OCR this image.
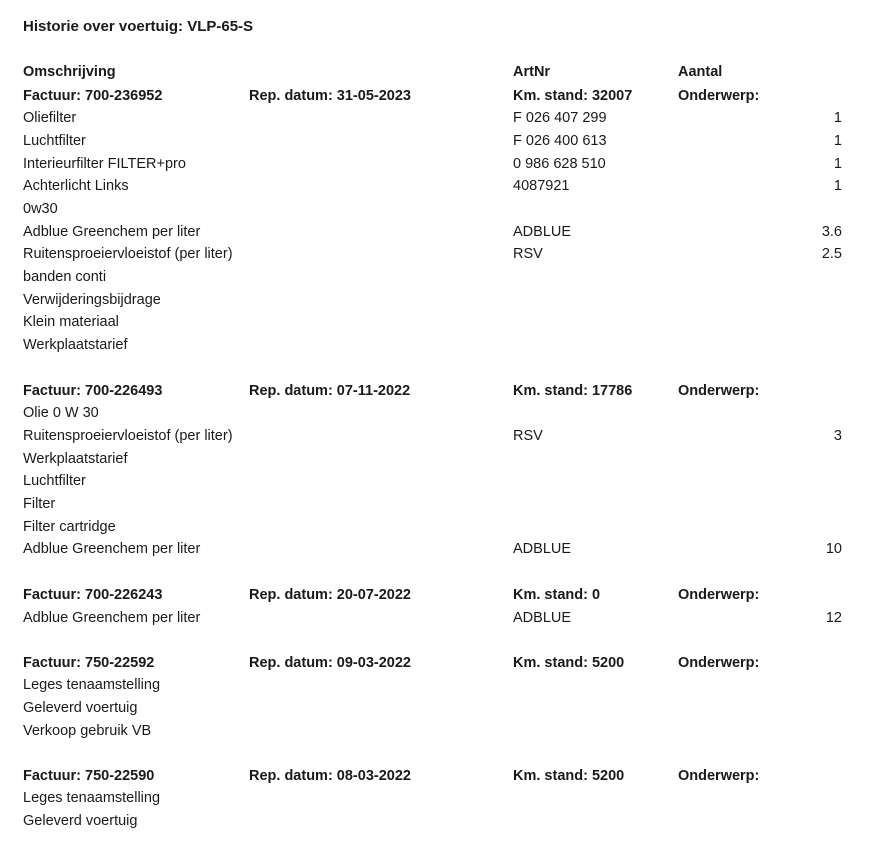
Historie over voertuig: VLP-65-S
Omschrijving	ArtNr	Aantal
Factuur: 700-236952	Rep. datum: 31-05-2023	Km. stand: 32007	Onderwerp:
Oliefilter	F 026 407 299	1
Luchtfilter	F 026 400 613	1
Interieurfilter FILTER+pro	0 986 628 510	1
Achterlicht Links	4087921	1
0w30
Adblue Greenchem per liter	ADBLUE	3.6
Ruitensproeiervloeistof (per liter)	RSV	2.5
banden conti
Verwijderingsbijdrage
Klein materiaal
Werkplaatstarief
Factuur: 700-226493	Rep. datum: 07-11-2022	Km. stand: 17786	Onderwerp:
Olie 0 W 30
Ruitensproeiervloeistof (per liter)	RSV	3
Werkplaatstarief
Luchtfilter
Filter
Filter cartridge
Adblue Greenchem per liter	ADBLUE	10
Factuur: 700-226243	Rep. datum: 20-07-2022	Km. stand: 0	Onderwerp:
Adblue Greenchem per liter	ADBLUE	12
Factuur: 750-22592	Rep. datum: 09-03-2022	Km. stand: 5200	Onderwerp:
Leges tenaamstelling
Geleverd voertuig
Verkoop gebruik VB
Factuur: 750-22590	Rep. datum: 08-03-2022	Km. stand: 5200	Onderwerp:
Leges tenaamstelling
Geleverd voertuig
